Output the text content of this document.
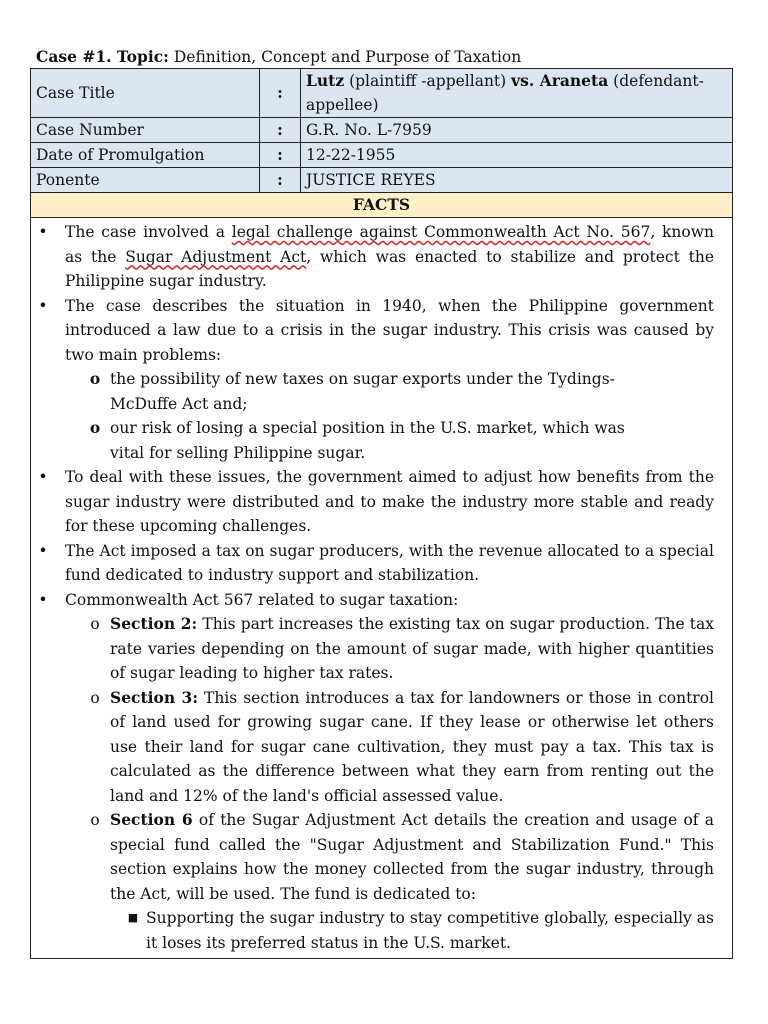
Case #1. Topic: Definition, Concept and Purpose of Taxation
Case Title	:	Lutz (plaintiff -appellant) vs. Araneta (defendant-appellee)
Case Number	:	G.R. No. L-7959
Date of Promulgation	:	12-22-1955
Ponente	:	JUSTICE REYES
FACTS
• The case involved a legal challenge against Commonwealth Act No. 567, known as the Sugar Adjustment Act, which was enacted to stabilize and protect the Philippine sugar industry.
• The case describes the situation in 1940, when the Philippine government introduced a law due to a crisis in the sugar industry. This crisis was caused by two main problems:
o the possibility of new taxes on sugar exports under the Tydings-McDuffe Act and;
o our risk of losing a special position in the U.S. market, which was vital for selling Philippine sugar.
• To deal with these issues, the government aimed to adjust how benefits from the sugar industry were distributed and to make the industry more stable and ready for these upcoming challenges.
• The Act imposed a tax on sugar producers, with the revenue allocated to a special fund dedicated to industry support and stabilization.
• Commonwealth Act 567 related to sugar taxation:
o Section 2: This part increases the existing tax on sugar production. The tax rate varies depending on the amount of sugar made, with higher quantities of sugar leading to higher tax rates.
o Section 3: This section introduces a tax for landowners or those in control of land used for growing sugar cane. If they lease or otherwise let others use their land for sugar cane cultivation, they must pay a tax. This tax is calculated as the difference between what they earn from renting out the land and 12% of the land's official assessed value.
o Section 6 of the Sugar Adjustment Act details the creation and usage of a special fund called the "Sugar Adjustment and Stabilization Fund." This section explains how the money collected from the sugar industry, through the Act, will be used. The fund is dedicated to:
■ Supporting the sugar industry to stay competitive globally, especially as it loses its preferred status in the U.S. market.
